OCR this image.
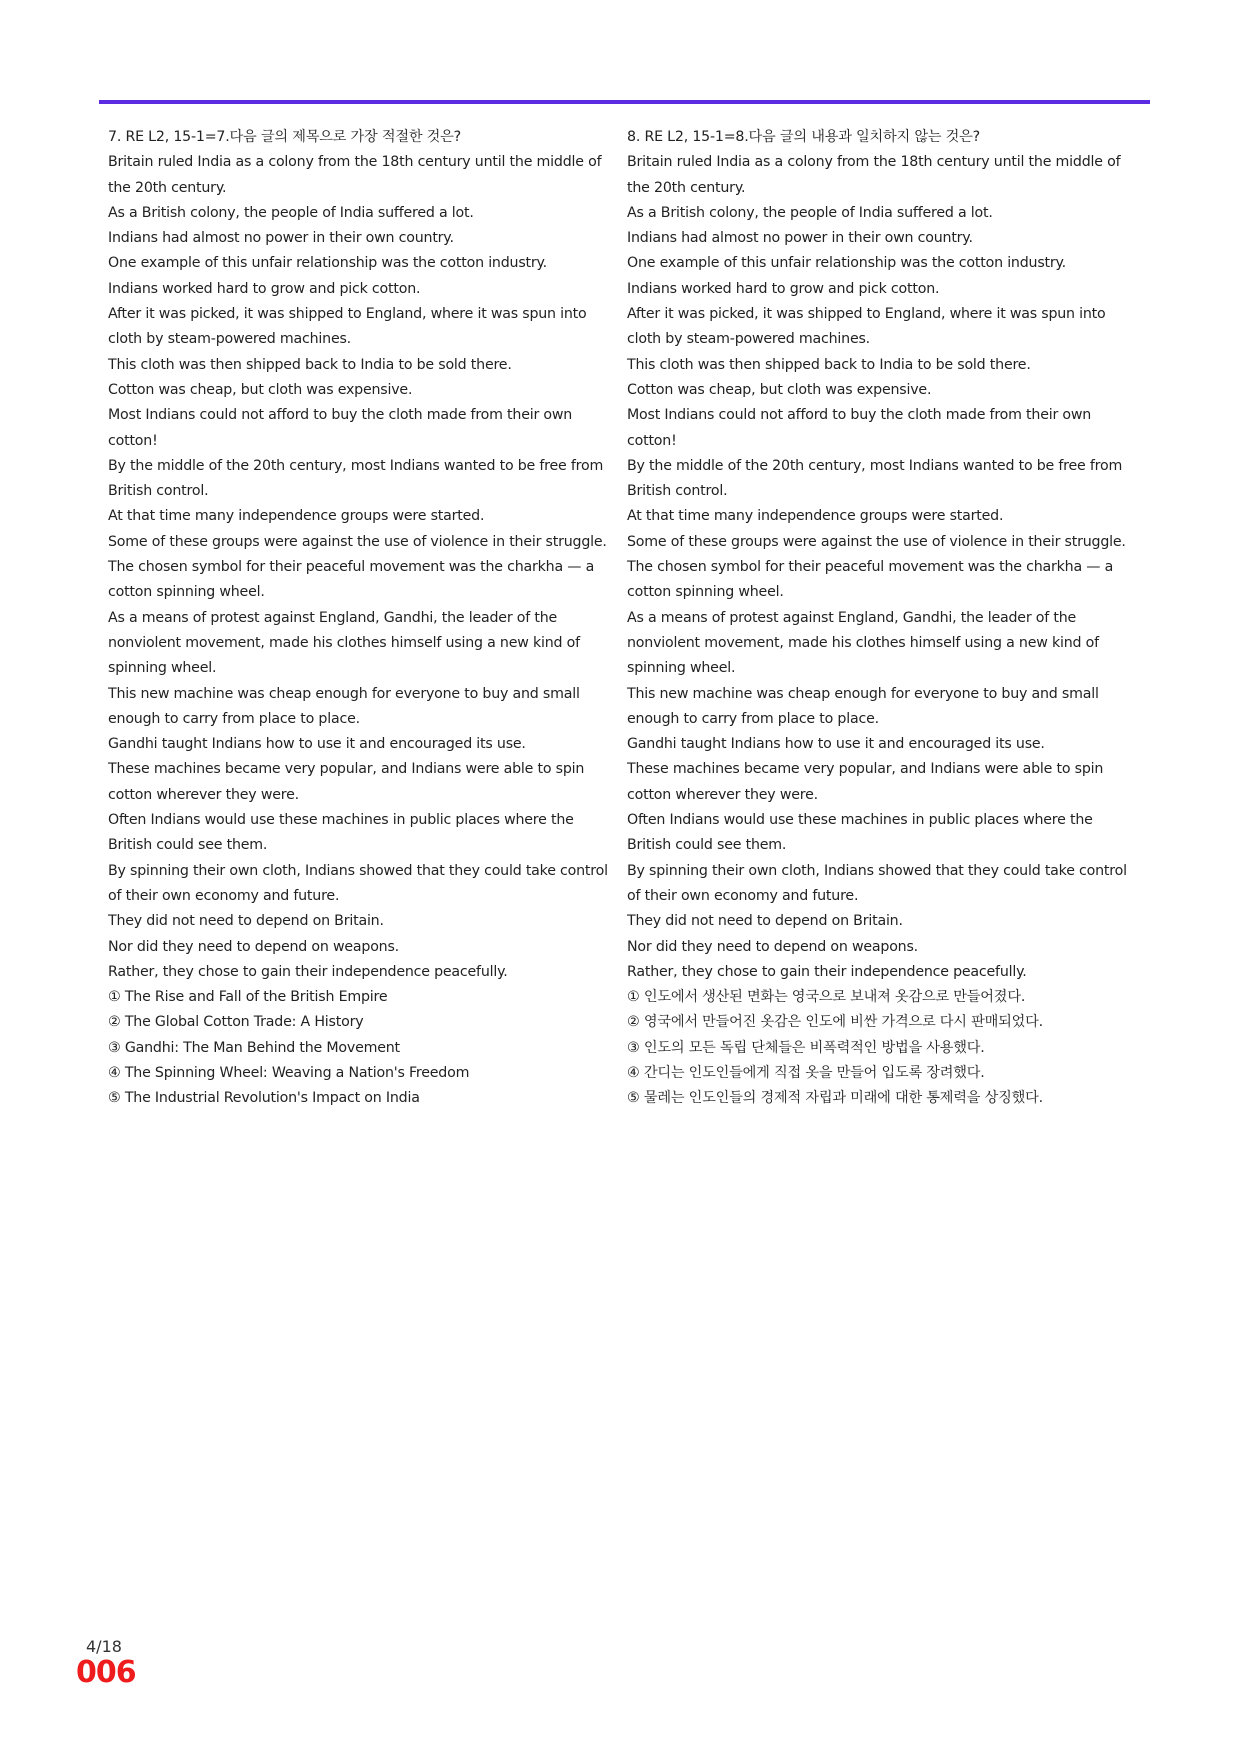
7. RE L2, 15-1=7.다음 글의 제목으로 가장 적절한 것은?

Britain ruled India as a colony from the 18th century until the middle of the 20th century.

As a British colony, the people of India suffered a lot.

Indians had almost no power in their own country.

One example of this unfair relationship was the cotton industry.

Indians worked hard to grow and pick cotton.

After it was picked, it was shipped to England, where it was spun into cloth by steam-powered machines.

This cloth was then shipped back to India to be sold there.

Cotton was cheap, but cloth was expensive.

Most Indians could not afford to buy the cloth made from their own cotton!

By the middle of the 20th century, most Indians wanted to be free from British control.

At that time many independence groups were started.

Some of these groups were against the use of violence in their struggle.

The chosen symbol for their peaceful movement was the charkha — a cotton spinning wheel.

As a means of protest against England, Gandhi, the leader of the nonviolent movement, made his clothes himself using a new kind of spinning wheel.

This new machine was cheap enough for everyone to buy and small enough to carry from place to place.

Gandhi taught Indians how to use it and encouraged its use.

These machines became very popular, and Indians were able to spin cotton wherever they were.

Often Indians would use these machines in public places where the British could see them.

By spinning their own cloth, Indians showed that they could take control of their own economy and future.

They did not need to depend on Britain.

Nor did they need to depend on weapons.

Rather, they chose to gain their independence peacefully.

① The Rise and Fall of the British Empire

② The Global Cotton Trade: A History

③ Gandhi: The Man Behind the Movement

④ The Spinning Wheel: Weaving a Nation's Freedom

⑤ The Industrial Revolution's Impact on India

8. RE L2, 15-1=8.다음 글의 내용과 일치하지 않는 것은?

Britain ruled India as a colony from the 18th century until the middle of the 20th century.

As a British colony, the people of India suffered a lot.

Indians had almost no power in their own country.

One example of this unfair relationship was the cotton industry.

Indians worked hard to grow and pick cotton.

After it was picked, it was shipped to England, where it was spun into cloth by steam-powered machines.

This cloth was then shipped back to India to be sold there.

Cotton was cheap, but cloth was expensive.

Most Indians could not afford to buy the cloth made from their own cotton!

By the middle of the 20th century, most Indians wanted to be free from British control.

At that time many independence groups were started.

Some of these groups were against the use of violence in their struggle.

The chosen symbol for their peaceful movement was the charkha — a cotton spinning wheel.

As a means of protest against England, Gandhi, the leader of the nonviolent movement, made his clothes himself using a new kind of spinning wheel.

This new machine was cheap enough for everyone to buy and small enough to carry from place to place.

Gandhi taught Indians how to use it and encouraged its use.

These machines became very popular, and Indians were able to spin cotton wherever they were.

Often Indians would use these machines in public places where the British could see them.

By spinning their own cloth, Indians showed that they could take control of their own economy and future.

They did not need to depend on Britain.

Nor did they need to depend on weapons.

Rather, they chose to gain their independence peacefully.

① 인도에서 생산된 면화는 영국으로 보내져 옷감으로 만들어졌다.

② 영국에서 만들어진 옷감은 인도에 비싼 가격으로 다시 판매되었다.

③ 인도의 모든 독립 단체들은 비폭력적인 방법을 사용했다.

④ 간디는 인도인들에게 직접 옷을 만들어 입도록 장려했다.

⑤ 물레는 인도인들의 경제적 자립과 미래에 대한 통제력을 상징했다.

4/18
006
